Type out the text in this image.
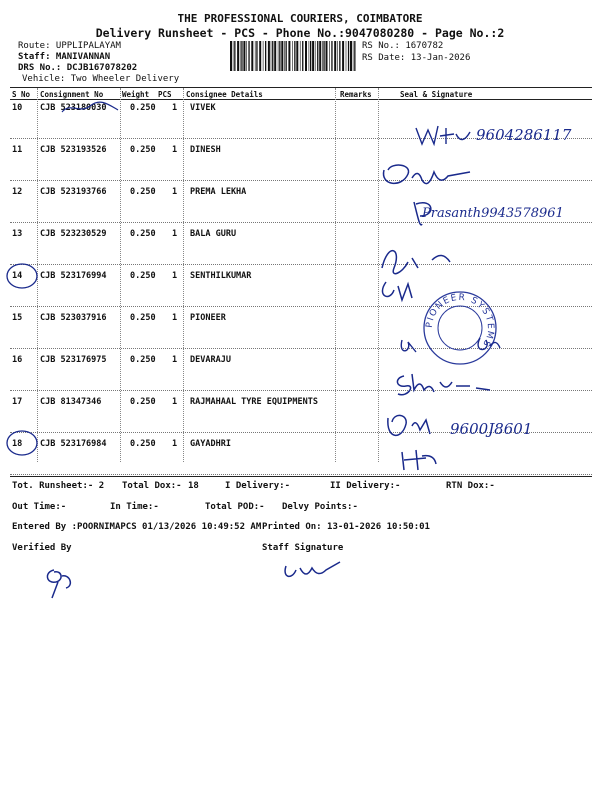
THE PROFESSIONAL COURIERS, COIMBATORE
Delivery Runsheet - PCS - Phone No.:9047080280 - Page No.:2
Route: UPPLIPALAYAM
Staff: MANIVANNAN
DRS No.: DCJB167078202
Vehicle: Two Wheeler Delivery
RS No.: 1670782
RS Date: 13-Jan-2026
S No Consignment No	Weight PCS Consignee Details	Remarks	Seal & Signature
10 CJB 523180030	0.250 1 VIVEK
11 CJB 523193526	0.250 1 DINESH
12 CJB 523193766	0.250 1 PREMA LEKHA
13 CJB 523230529	0.250 1 BALA GURU
14 CJB 523176994	0.250 1 SENTHILKUMAR
15 CJB 523037916	0.250 1 PIONEER
16 CJB 523176975	0.250 1 DEVARAJU
17 CJB 81347346	0.250 1 RAJMAHAAL TYRE EQUIPMENTS
18 CJB 523176984	0.250 1 GAYADHRI
9604286117
Prasanth9943578961
PIONEER SYSTEMS
9600J8601
Tot. Runsheet:- 2 Total Dox:- 18	I Delivery:-	II Delivery:-	RTN Dox:-
Out Time:-	In Time:-	Total POD:- Delvy Points:-
Entered By :POORNIMAPCS 01/13/2026 10:49:52 AM Printed On: 13-01-2026 10:50:01
Verified By	Staff Signature
